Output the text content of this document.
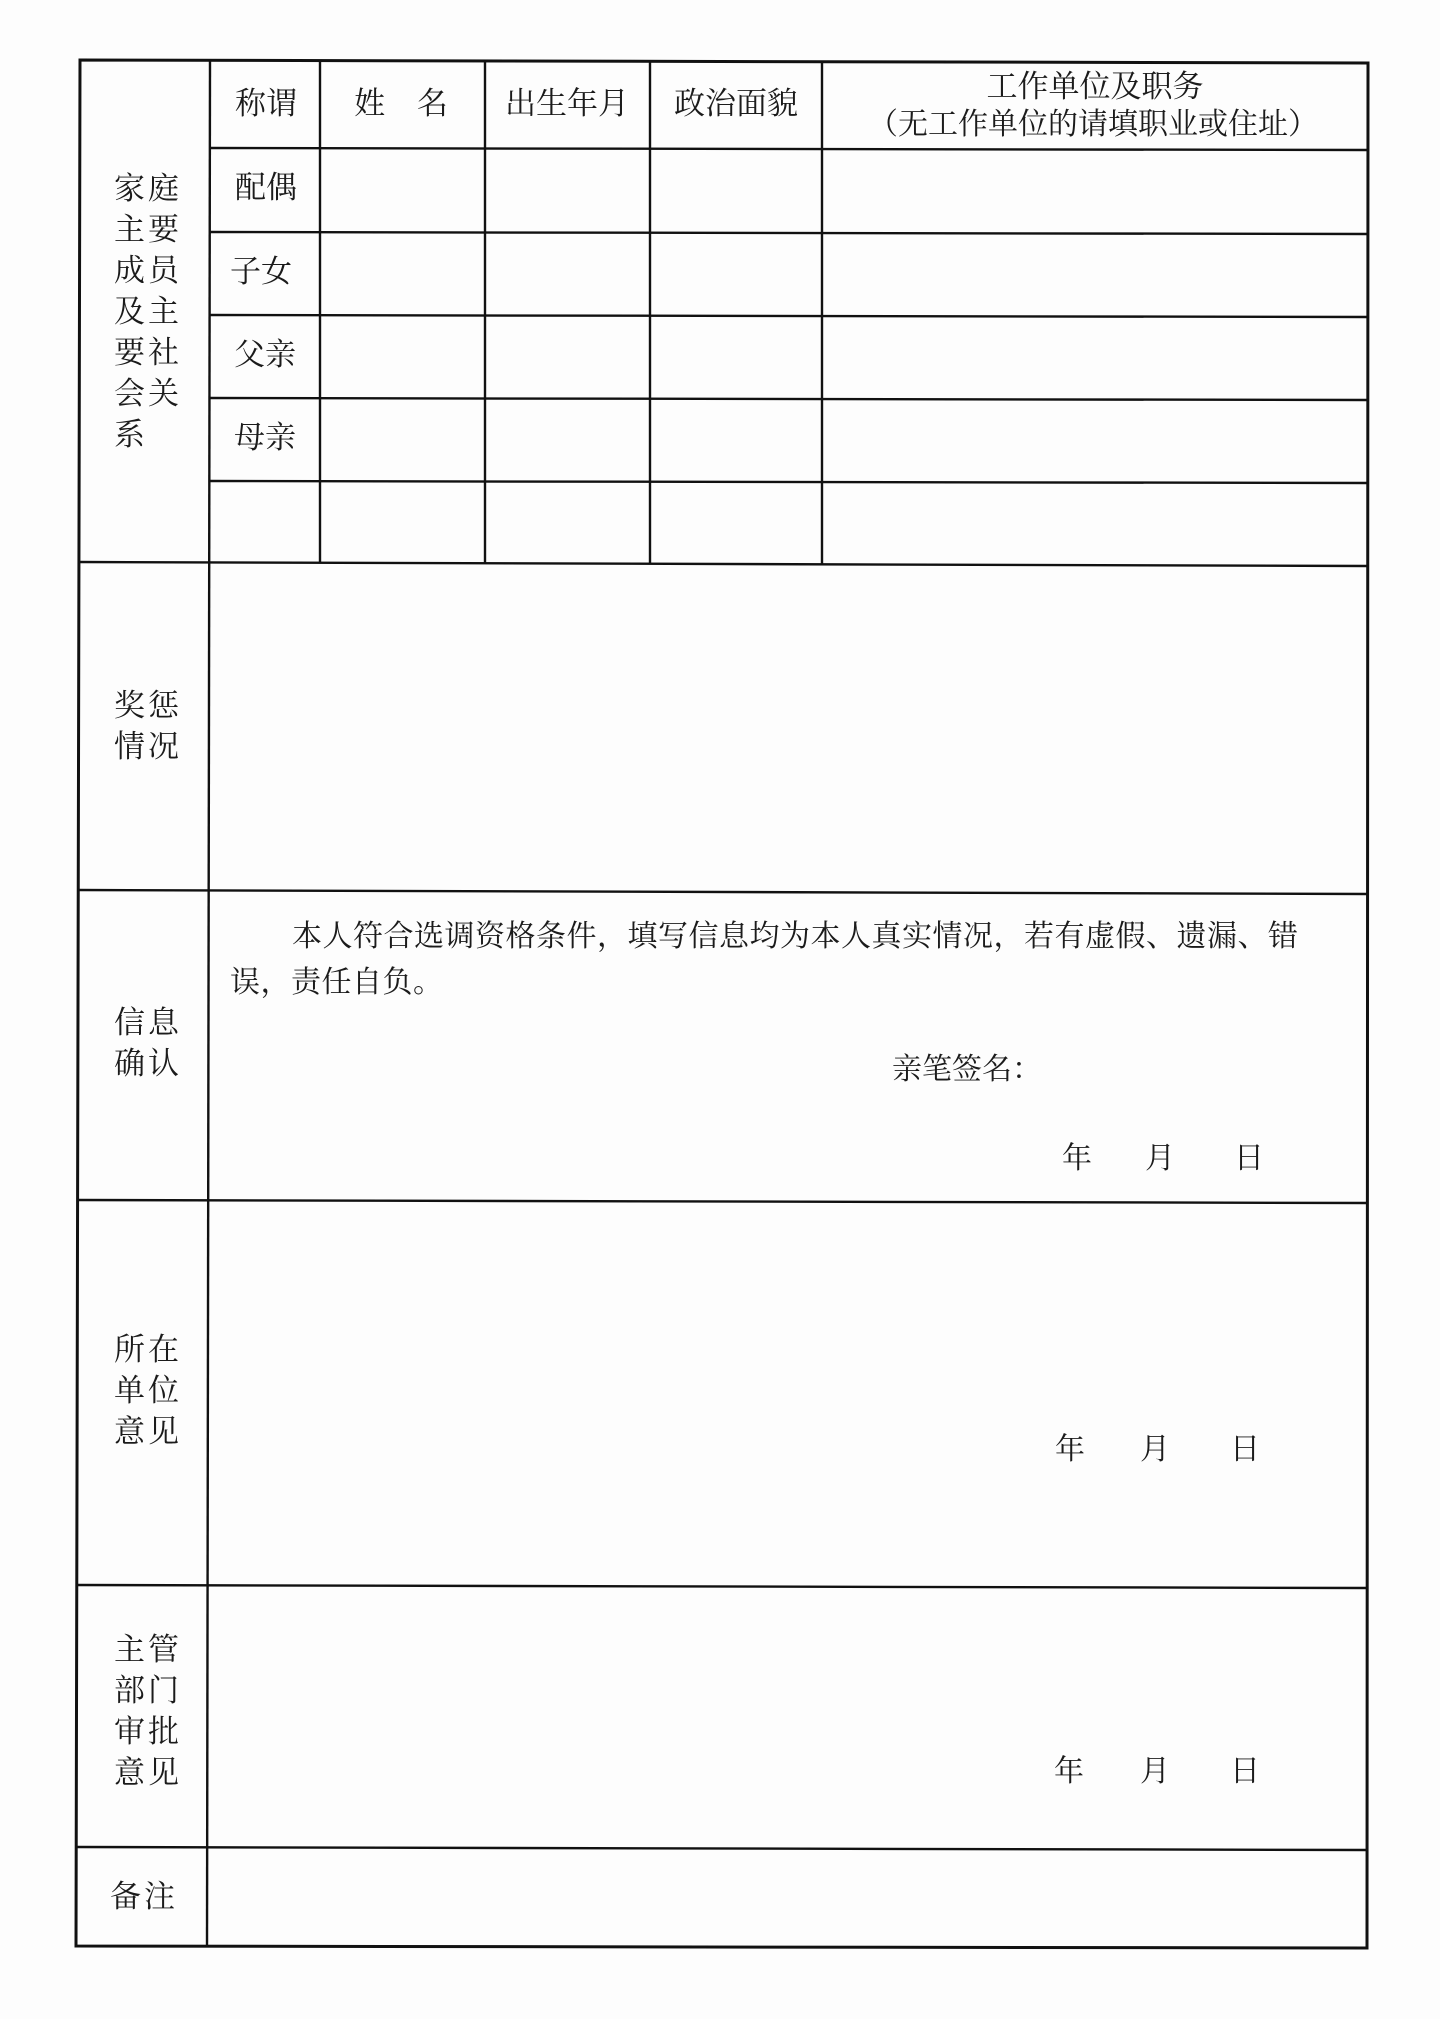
家庭主要成员及主要社会关系
称谓 姓  名 出生年月 政治面貌	工作单位及职务
（无工作单位的请填职业或住址）
配偶
子女
父亲
母亲
奖惩情况
信息确认
本人符合选调资格条件，填写信息均为本人真实情况，若有虚假、遗漏、错误，责任自负。
亲笔签名：
年 月 日
所在单位意见	年 月 日
主管部门审批意见	年 月 日
备注
